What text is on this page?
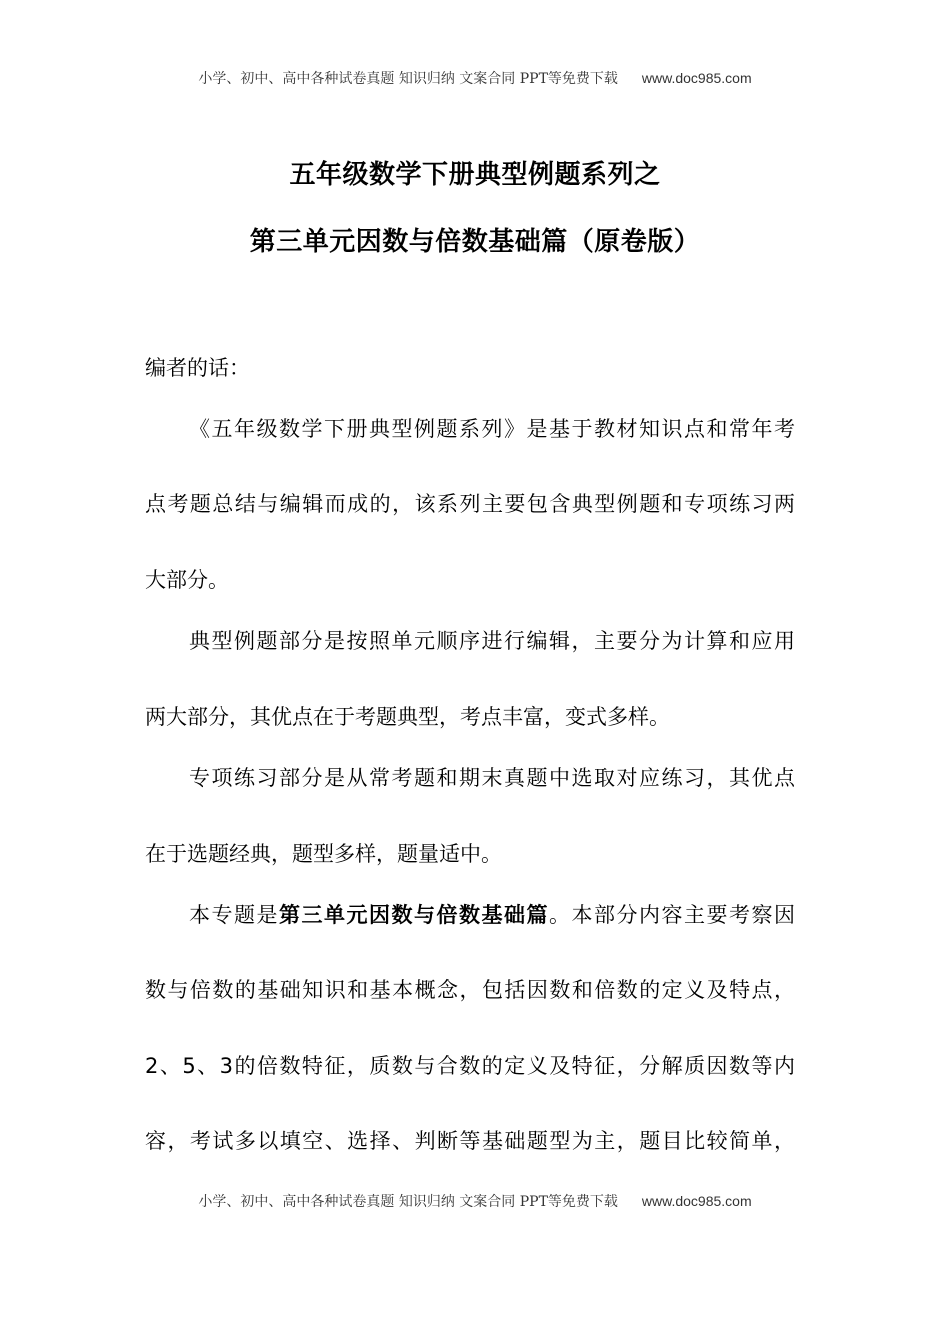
小学、初中、高中各种试卷真题 知识归纳 文案合同 PPT等免费下载 www.doc985.com
五年级数学下册典型例题系列之
第三单元因数与倍数基础篇（原卷版）
编者的话：
《五年级数学下册典型例题系列》是基于教材知识点和常年考
点考题总结与编辑而成的，该系列主要包含典型例题和专项练习两
大部分。
典型例题部分是按照单元顺序进行编辑，主要分为计算和应用
两大部分，其优点在于考题典型，考点丰富，变式多样。
专项练习部分是从常考题和期末真题中选取对应练习，其优点
在于选题经典，题型多样，题量适中。
本专题是第三单元因数与倍数基础篇。本部分内容主要考察因
数与倍数的基础知识和基本概念，包括因数和倍数的定义及特点，
2、5、3的倍数特征，质数与合数的定义及特征，分解质因数等内
容，考试多以填空、选择、判断等基础题型为主，题目比较简单，
小学、初中、高中各种试卷真题 知识归纳 文案合同 PPT等免费下载 www.doc985.com
